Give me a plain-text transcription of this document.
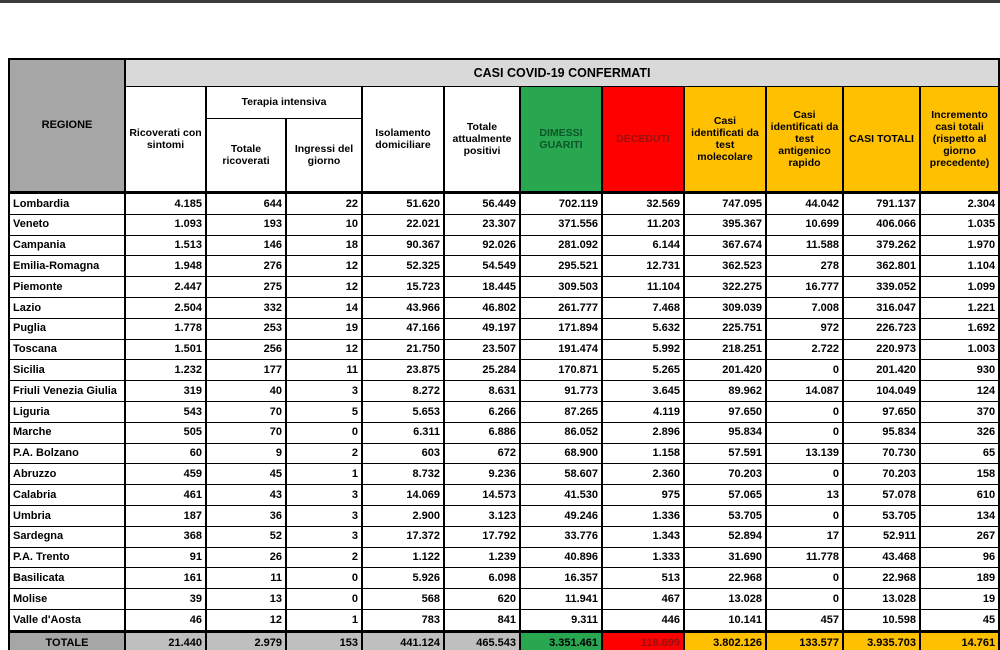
REGIONE	CASI COVID-19 CONFERMATI										
	Ricoverati con sintomi	Terapia intensiva		Isolamento domiciliare	Totale attualmente positivi	DIMESSI GUARITI	DECEDUTI	Casi identificati da test molecolare	Casi identificati da test antigenico rapido	CASI TOTALI	Incremento casi totali (rispetto al giorno precedente)
		Totale ricoverati	Ingressi del giorno								
Lombardia	4.185	644	22	51.620	56.449	702.119	32.569	747.095	44.042	791.137	2.304
Veneto	1.093	193	10	22.021	23.307	371.556	11.203	395.367	10.699	406.066	1.035
Campania	1.513	146	18	90.367	92.026	281.092	6.144	367.674	11.588	379.262	1.970
Emilia-Romagna	1.948	276	12	52.325	54.549	295.521	12.731	362.523	278	362.801	1.104
Piemonte	2.447	275	12	15.723	18.445	309.503	11.104	322.275	16.777	339.052	1.099
Lazio	2.504	332	14	43.966	46.802	261.777	7.468	309.039	7.008	316.047	1.221
Puglia	1.778	253	19	47.166	49.197	171.894	5.632	225.751	972	226.723	1.692
Toscana	1.501	256	12	21.750	23.507	191.474	5.992	218.251	2.722	220.973	1.003
Sicilia	1.232	177	11	23.875	25.284	170.871	5.265	201.420	0	201.420	930
Friuli Venezia Giulia	319	40	3	8.272	8.631	91.773	3.645	89.962	14.087	104.049	124
Liguria	543	70	5	5.653	6.266	87.265	4.119	97.650	0	97.650	370
Marche	505	70	0	6.311	6.886	86.052	2.896	95.834	0	95.834	326
P.A. Bolzano	60	9	2	603	672	68.900	1.158	57.591	13.139	70.730	65
Abruzzo	459	45	1	8.732	9.236	58.607	2.360	70.203	0	70.203	158
Calabria	461	43	3	14.069	14.573	41.530	975	57.065	13	57.078	610
Umbria	187	36	3	2.900	3.123	49.246	1.336	53.705	0	53.705	134
Sardegna	368	52	3	17.372	17.792	33.776	1.343	52.894	17	52.911	267
P.A. Trento	91	26	2	1.122	1.239	40.896	1.333	31.690	11.778	43.468	96
Basilicata	161	11	0	5.926	6.098	16.357	513	22.968	0	22.968	189
Molise	39	13	0	568	620	11.941	467	13.028	0	13.028	19
Valle d'Aosta	46	12	1	783	841	9.311	446	10.141	457	10.598	45
TOTALE	21.440	2.979	153	441.124	465.543	3.351.461	118.699	3.802.126	133.577	3.935.703	14.761
